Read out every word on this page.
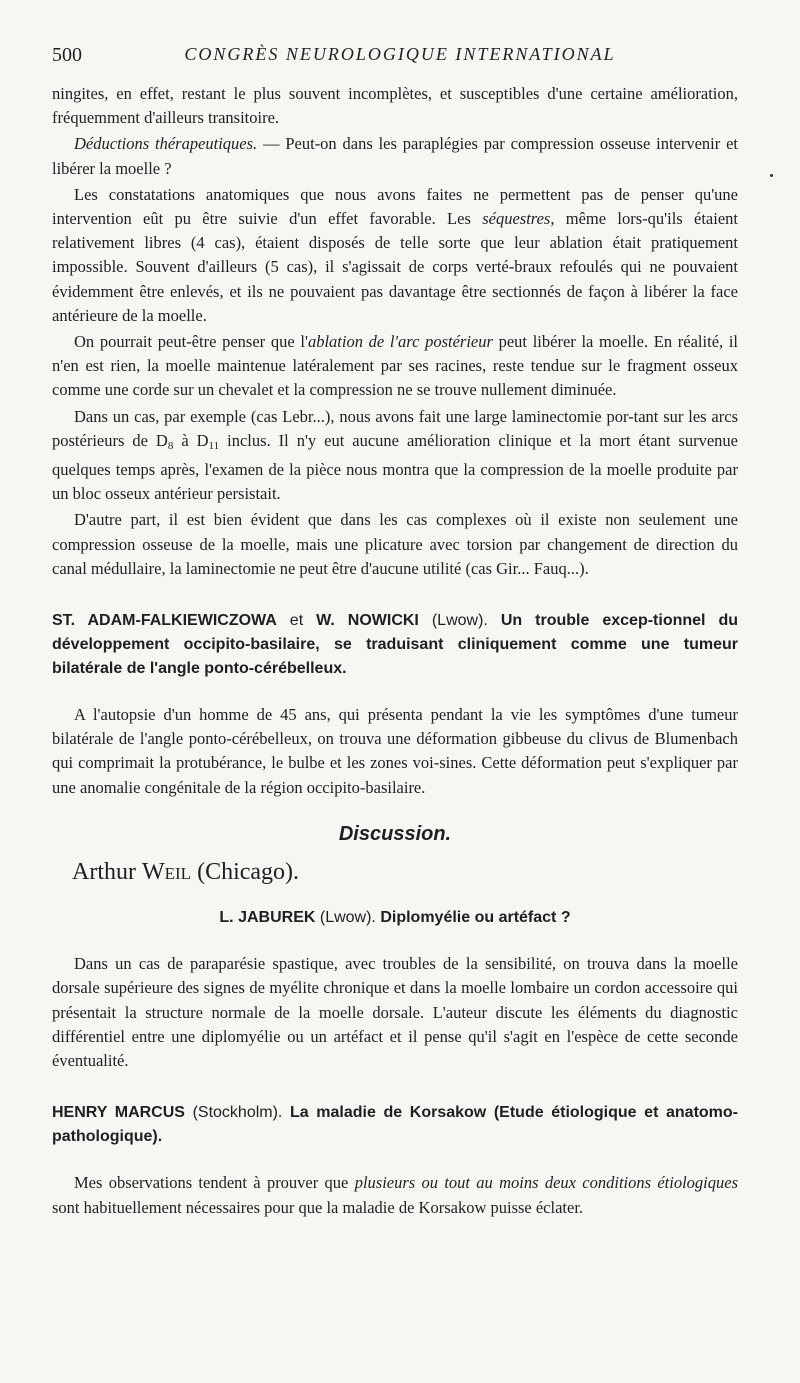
500	CONGRÈS NEUROLOGIQUE INTERNATIONAL

ningites, en effet, restant le plus souvent incomplètes, et susceptibles d'une certaine amélioration, fréquemment d'ailleurs transitoire.

Déductions thérapeutiques. — Peut-on dans les paraplégies par compression osseuse intervenir et libérer la moelle ?

Les constatations anatomiques que nous avons faites ne permettent pas de penser qu'une intervention eût pu être suivie d'un effet favorable. Les séquestres, même lors-qu'ils étaient relativement libres (4 cas), étaient disposés de telle sorte que leur ablation était pratiquement impossible. Souvent d'ailleurs (5 cas), il s'agissait de corps verté-braux refoulés qui ne pouvaient évidemment être enlevés, et ils ne pouvaient pas davantage être sectionnés de façon à libérer la face antérieure de la moelle.

On pourrait peut-être penser que l'ablation de l'arc postérieur peut libérer la moelle. En réalité, il n'en est rien, la moelle maintenue latéralement par ses racines, reste tendue sur le fragment osseux comme une corde sur un chevalet et la compression ne se trouve nullement diminuée.

Dans un cas, par exemple (cas Lebr...), nous avons fait une large laminectomie por-tant sur les arcs postérieurs de $D_8$ à $D_{11}$ inclus. Il n'y eut aucune amélioration clinique et la mort étant survenue quelques temps après, l'examen de la pièce nous montra que la compression de la moelle produite par un bloc osseux antérieur persistait.

D'autre part, il est bien évident que dans les cas complexes où il existe non seulement une compression osseuse de la moelle, mais une plicature avec torsion par changement de direction du canal médullaire, la laminectomie ne peut être d'aucune utilité (cas Gir... Fauq...).

ST. ADAM-FALKIEWICZOWA et W. NOWICKI (Lwow). Un trouble excep-tionnel du développement occipito-basilaire, se traduisant cliniquement comme une tumeur bilatérale de l'angle ponto-cérébelleux.

A l'autopsie d'un homme de 45 ans, qui présenta pendant la vie les symptômes d'une tumeur bilatérale de l'angle ponto-cérébelleux, on trouva une déformation gibbeuse du clivus de Blumenbach qui comprimait la protubérance, le bulbe et les zones voi-sines. Cette déformation peut s'expliquer par une anomalie congénitale de la région occipito-basilaire.

Discussion.
Arthur Weil (Chicago).

L. JABUREK (Lwow). Diplomyélie ou artéfact ?

Dans un cas de paraparésie spastique, avec troubles de la sensibilité, on trouva dans la moelle dorsale supérieure des signes de myélite chronique et dans la moelle lombaire un cordon accessoire qui présentait la structure normale de la moelle dorsale. L'auteur discute les éléments du diagnostic différentiel entre une diplomyélie ou un artéfact et il pense qu'il s'agit en l'espèce de cette seconde éventualité.

HENRY MARCUS (Stockholm). La maladie de Korsakow (Etude étiologique et anatomo-pathologique).

Mes observations tendent à prouver que plusieurs ou tout au moins deux conditions étiologiques sont habituellement nécessaires pour que la maladie de Korsakow puisse éclater.
